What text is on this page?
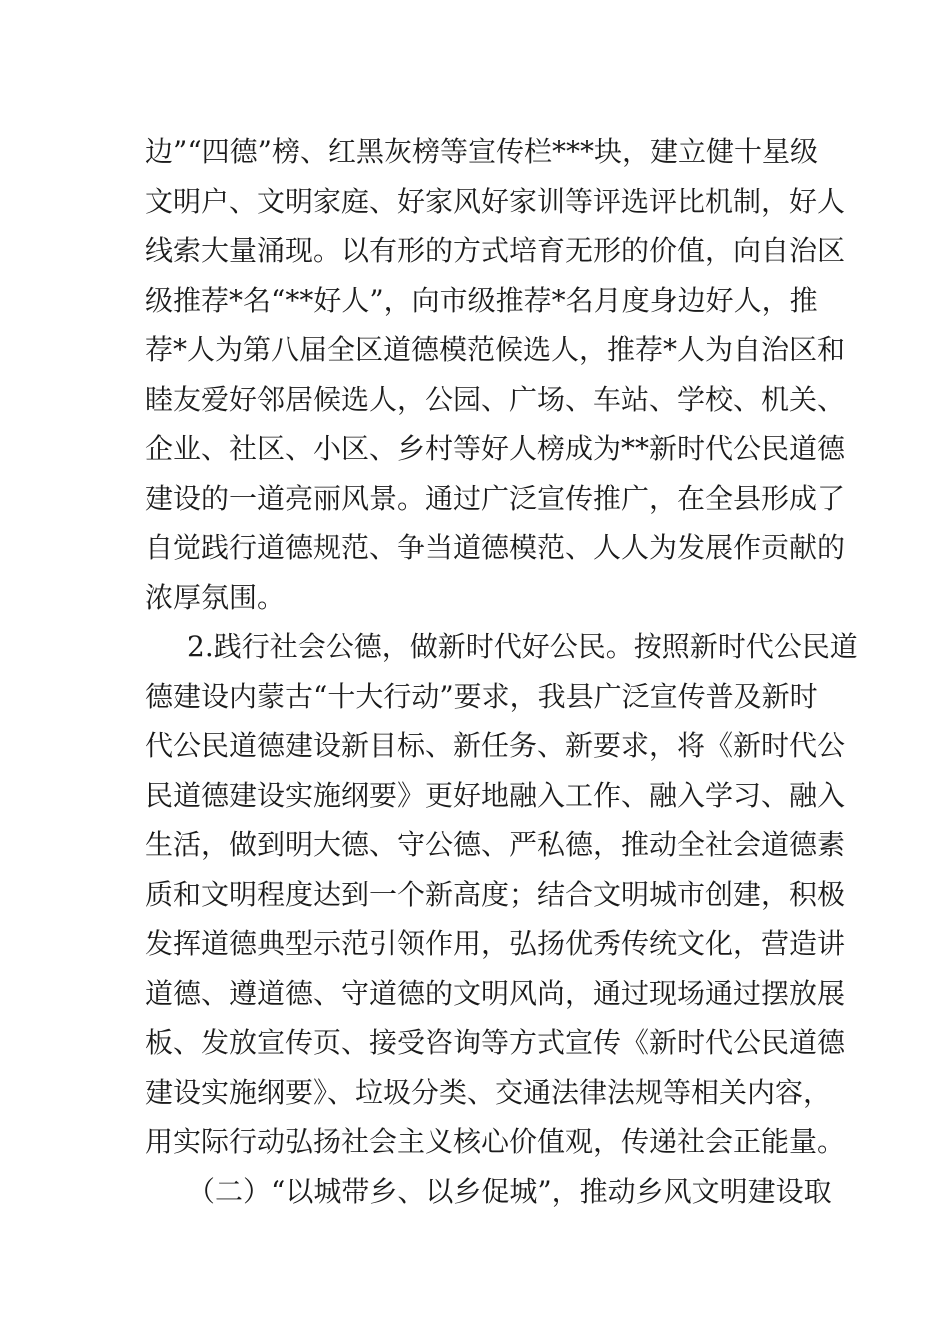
边”“四德”榜、红黑灰榜等宣传栏***块，建立健十星级
文明户、文明家庭、好家风好家训等评选评比机制，好人
线索大量涌现。以有形的方式培育无形的价值，向自治区
级推荐*名“**好人”，向市级推荐*名月度身边好人，推
荐*人为第八届全区道德模范候选人，推荐*人为自治区和
睦友爱好邻居候选人，公园、广场、车站、学校、机关、
企业、社区、小区、乡村等好人榜成为**新时代公民道德
建设的一道亮丽风景。通过广泛宣传推广，在全县形成了
自觉践行道德规范、争当道德模范、人人为发展作贡献的
浓厚氛围。
2.践行社会公德，做新时代好公民。按照新时代公民道
德建设内蒙古“十大行动”要求，我县广泛宣传普及新时
代公民道德建设新目标、新任务、新要求，将《新时代公
民道德建设实施纲要》更好地融入工作、融入学习、融入
生活，做到明大德、守公德、严私德，推动全社会道德素
质和文明程度达到一个新高度；结合文明城市创建，积极
发挥道德典型示范引领作用，弘扬优秀传统文化，营造讲
道德、遵道德、守道德的文明风尚，通过现场通过摆放展
板、发放宣传页、接受咨询等方式宣传《新时代公民道德
建设实施纲要》、垃圾分类、交通法律法规等相关内容，
用实际行动弘扬社会主义核心价值观，传递社会正能量。
（二）“以城带乡、以乡促城”，推动乡风文明建设取
